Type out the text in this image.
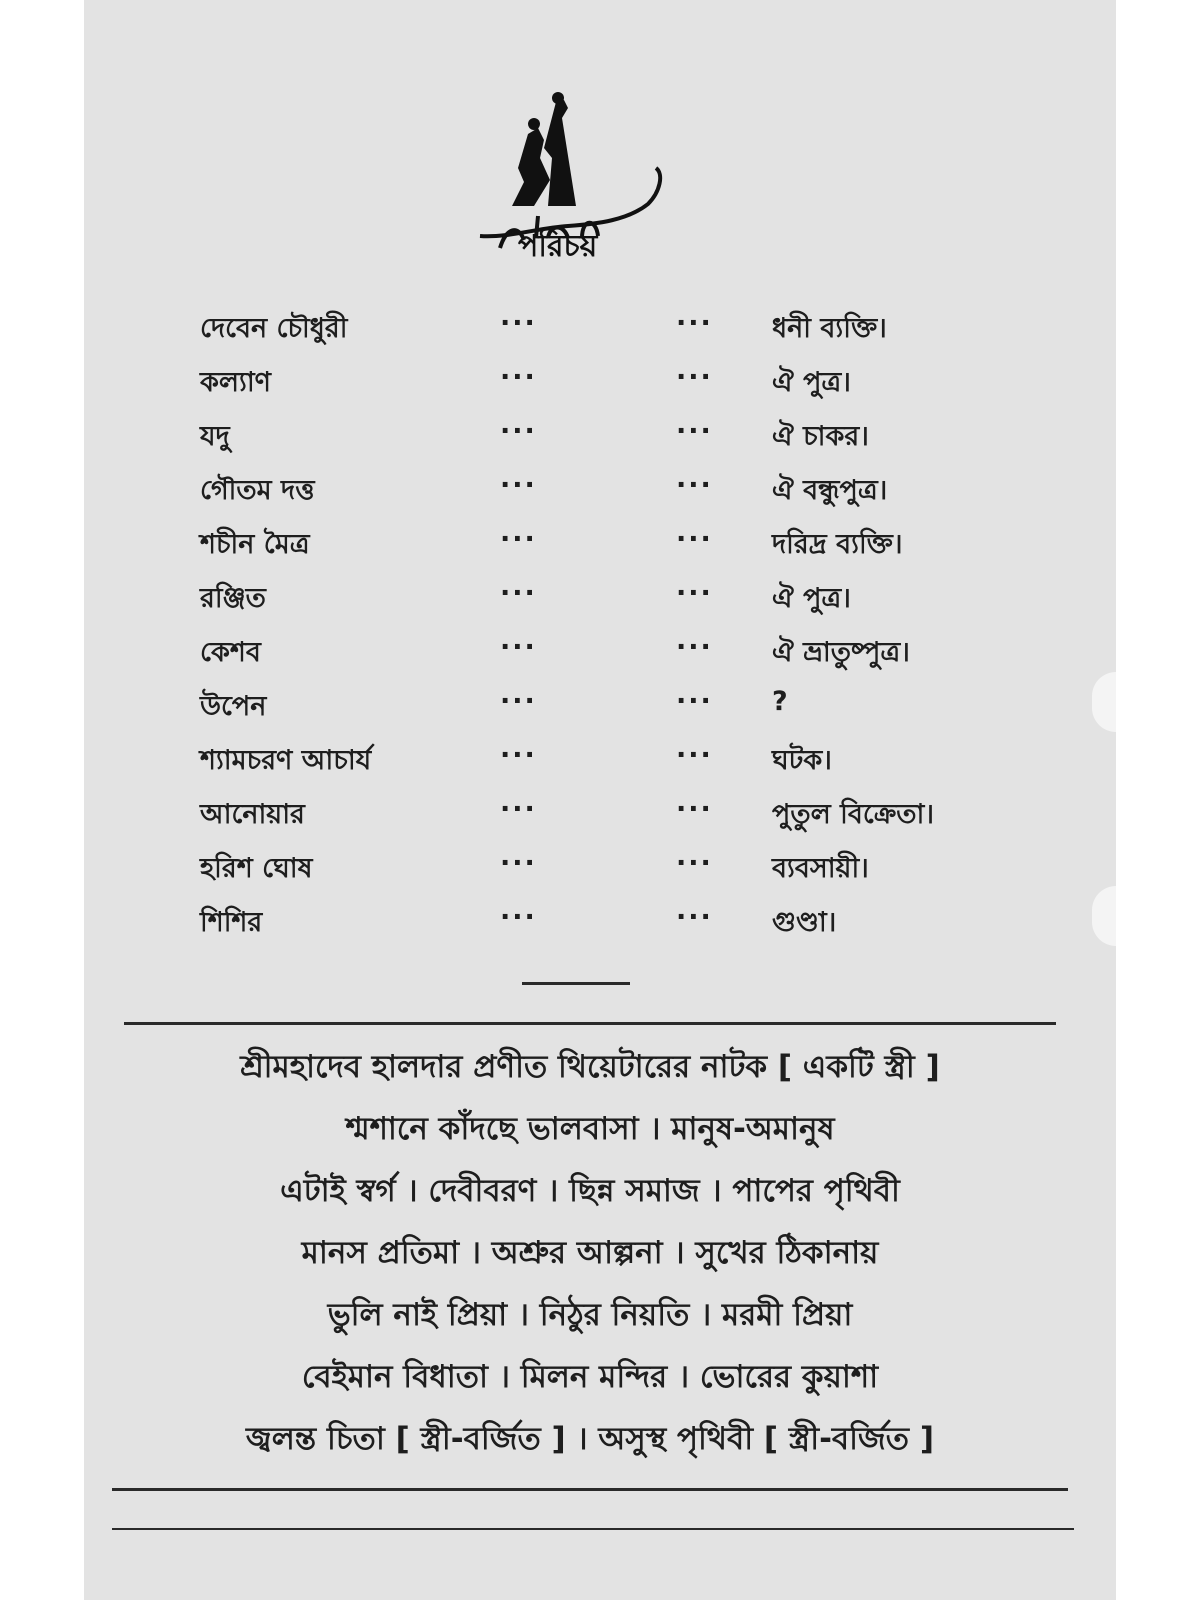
পরিচয়
দেবেন চৌধুরী	···	··· ধনী ব্যক্তি।
কল্যাণ	···	··· ঐ পুত্র।
যদু	···	··· ঐ চাকর।
গৌতম দত্ত	···	··· ঐ বন্ধুপুত্র।
শচীন মৈত্র	···	··· দরিদ্র ব্যক্তি।
রঞ্জিত	···	··· ঐ পুত্র।
কেশব	···	··· ঐ ভ্রাতুষ্পুত্র।
উপেন	···	··· ?
শ্যামচরণ আচার্য	···	··· ঘটক।
আনোয়ার	···	··· পুতুল বিক্রেতা।
হরিশ ঘোষ	···	··· ব্যবসায়ী।
শিশির	···	··· গুণ্ডা।
শ্রীমহাদেব হালদার প্রণীত থিয়েটারের নাটক [ একটি স্ত্রী ]
শ্মশানে কাঁদছে ভালবাসা । মানুষ-অমানুষ
এটাই স্বর্গ । দেবীবরণ । ছিন্ন সমাজ । পাপের পৃথিবী
মানস প্রতিমা । অশ্রুর আল্পনা । সুখের ঠিকানায়
ভুলি নাই প্রিয়া । নিঠুর নিয়তি । মরমী প্রিয়া
বেইমান বিধাতা । মিলন মন্দির । ভোরের কুয়াশা
জ্বলন্ত চিতা [ স্ত্রী-বর্জিত ] । অসুস্থ পৃথিবী [ স্ত্রী-বর্জিত ]
